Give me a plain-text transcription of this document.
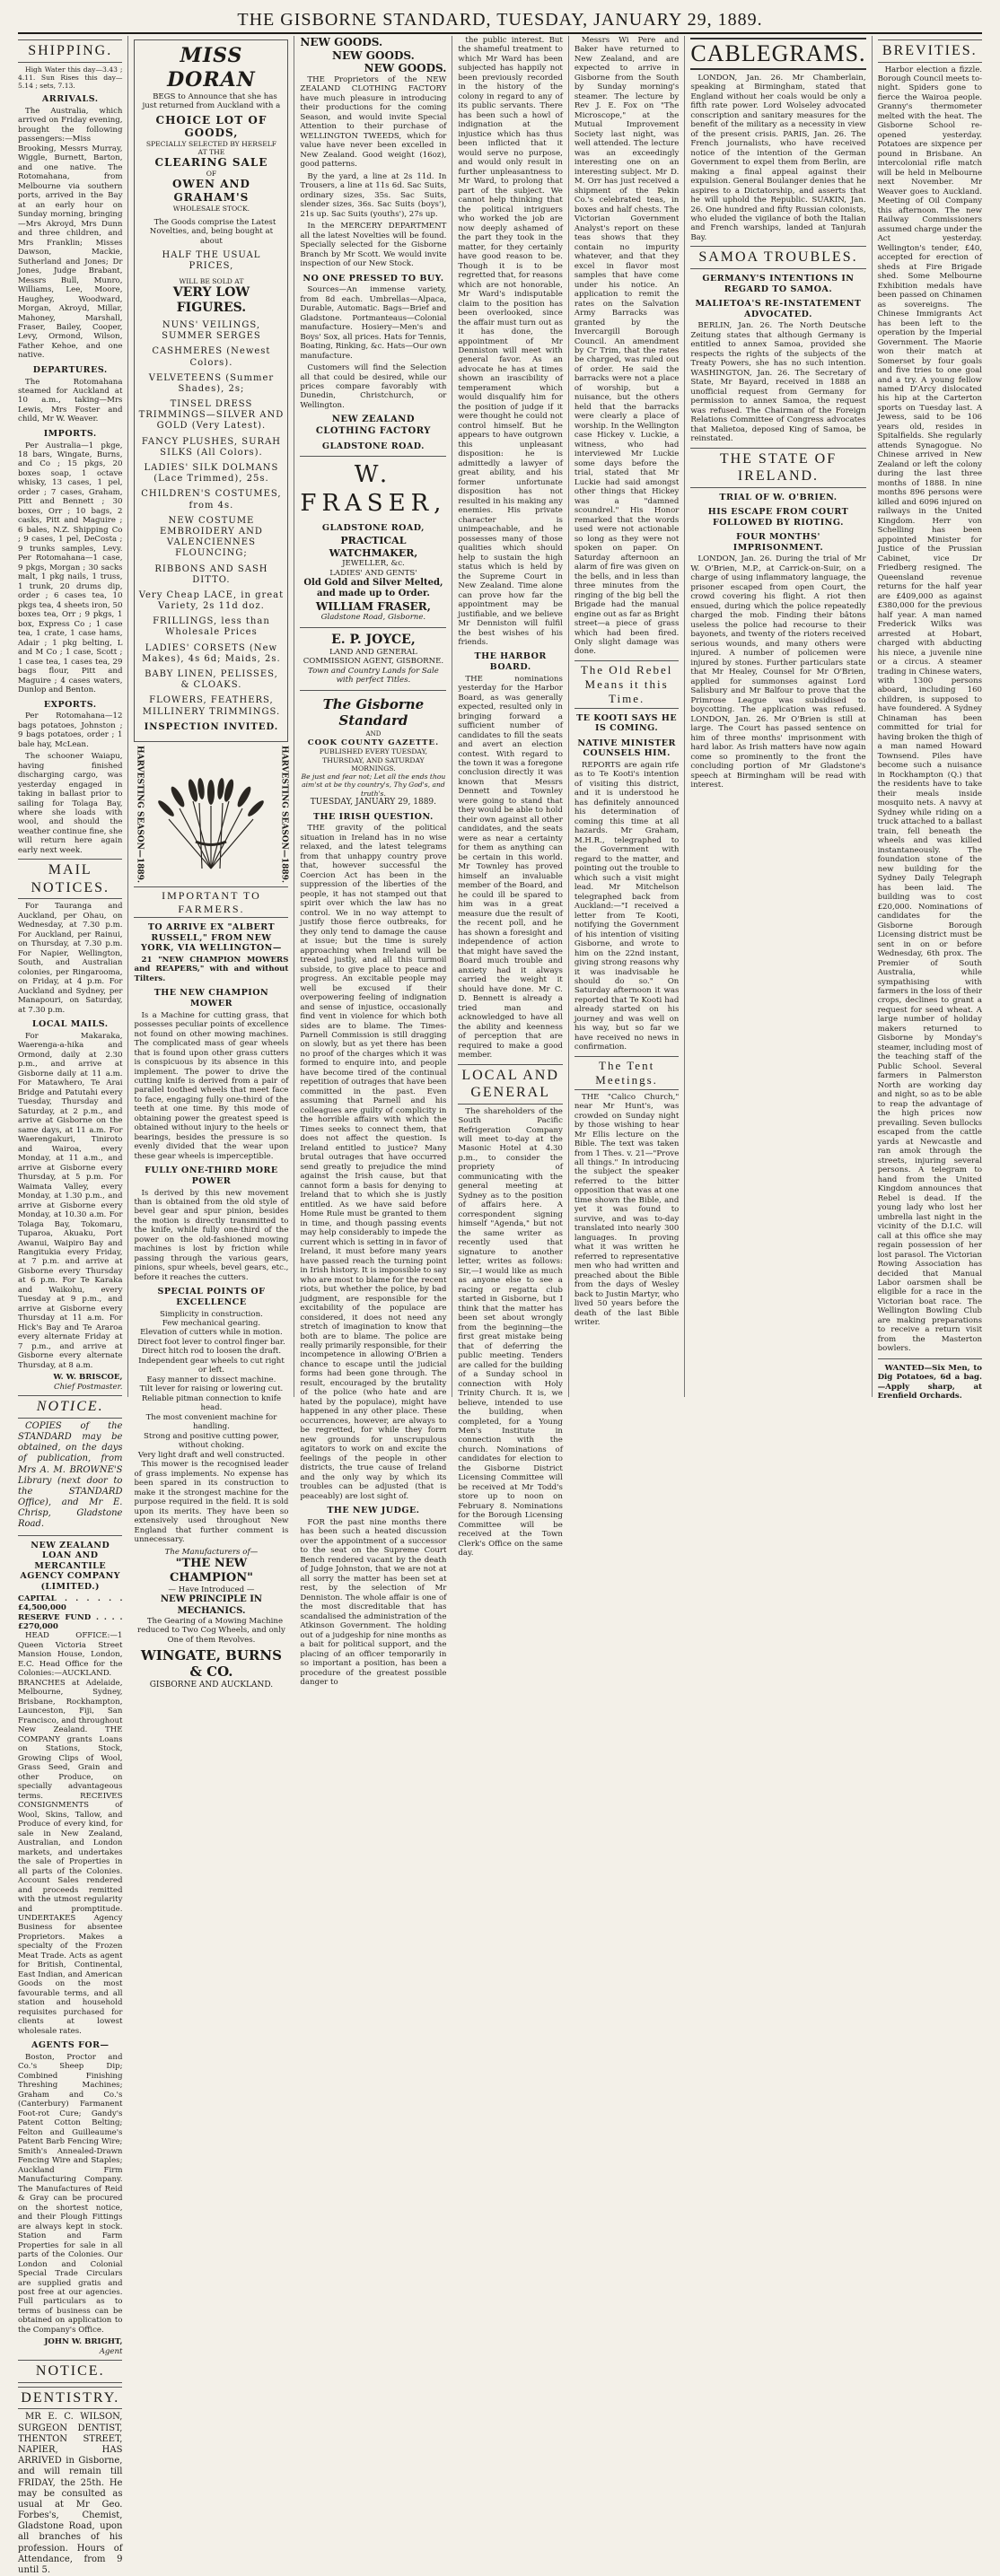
THE GISBORNE STANDARD, TUESDAY, JANUARY 29, 1889.
SHIPPING.
High Water this day—3.43 ; 4.11. Sun Rises this day—5.14 ; sets, 7.13.
ARRIVALS.
The Australia, which arrived on Friday evening, brought the following passengers:—Miss Brooking, Messrs Murray, Wiggle, Burnett, Barton, and one native. The Rotomahana, from Melbourne via southern ports, arrived in the Bay at an early hour on Sunday morning, bringing—Mrs Akroyd, Mrs Dunn and three children, and Mrs Franklin; Misses Dawson, Mackie, Sutherland and Jones; Dr Jones, Judge Brabant, Messrs Bull, Munro, Williams, Lee, Moore, Haughey, Woodward, Morgan, Akroyd, Millar, Mahoney, Marshall, Fraser, Bailey, Cooper, Levy, Ormond, Wilson, Father Kehoe, and one native.
DEPARTURES.
The Rotomahana steamed for Auckland at 10 a.m., taking—Mrs Lewis, Mrs Foster and child, Mr W. Weaver.
IMPORTS.
Per Australia—1 pkge, 18 bars, Wingate, Burns, and Co ; 15 pkgs, 20 boxes soap, 1 octave whisky, 13 cases, 1 pel, order ; 7 cases, Graham, Pitt and Bennett ; 30 boxes, Orr ; 10 bags, 2 casks, Pitt and Maguire ; 6 bales, N.Z. Shipping Co ; 9 cases, 1 pel, DeCosta ; 9 trunks samples, Levy. Per Rotomahana—1 case, 9 pkgs, Morgan ; 30 sacks malt, 1 pkg nails, 1 truss, 1 trunk, 20 drums dip, order ; 6 cases tea, 10 pkgs tea, 4 sheets iron, 50 boxes tea, Orr ; 9 pkgs, 1 box, Express Co ; 1 case tea, 1 crate, 1 case hams, Adair ; 1 pkg belting, L and M Co ; 1 case, Scott ; 1 case tea, 1 cases tea, 29 bags flour, Pitt and Maguire ; 4 cases waters, Dunlop and Benton.
EXPORTS.
Per Rotomahana—12 bags potatoes, Johnston ; 9 bags potatoes, order ; 1 bale hay, McLean.
The schooner Waiapu, having finished discharging cargo, was yesterday engaged in taking in ballast prior to sailing for Tolaga Bay, where she loads with wool, and should the weather continue fine, she will return here again early next week.
MAIL NOTICES.
For Tauranga and Auckland, per Ohau, on Wednesday, at 7.30 p.m. For Auckland, per Rainui, on Thursday, at 7.30 p.m. For Napier, Wellington, South, and Australian colonies, per Ringarooma, on Friday, at 4 p.m. For Auckland and Sydney, per Manapouri, on Saturday, at 7.30 p.m.
LOCAL MAILS.
For Makaraka, Waerenga-a-hika and Ormond, daily at 2.30 p.m., and arrive at Gisborne daily at 11 a.m. For Matawhero, Te Arai Bridge and Patutahi every Tuesday, Thursday and Saturday, at 2 p.m., and arrive at Gisborne on the same days, at 11 a.m. For Waerengakuri, Tiniroto and Wairoa, every Monday, at 11 a.m., and arrive at Gisborne every Thursday, at 5 p.m. For Waimata Valley, every Monday, at 1.30 p.m., and arrive at Gisborne every Monday, at 10.30 a.m. For Tolaga Bay, Tokomaru, Tuparoa, Akuaku, Port Awanui, Waipiro Bay and Rangitukia every Friday, at 7 p.m. and arrive at Gisborne every Thursday at 6 p.m. For Te Karaka and Waikohu, every Tuesday at 9 p.m., and arrive at Gisborne every Thursday at 11 a.m. For Hick's Bay and Te Araroa every alternate Friday at 7 p.m., and arrive at Gisborne every alternate Thursday, at 8 a.m.
W. W. BRISCOE,
Chief Postmaster.
NOTICE.
COPIES of the STANDARD may be obtained, on the days of publication, from Mrs A. M. BROWNE'S Library (next door to the STANDARD Office), and Mr E. Chrisp, Gladstone Road.
NEW ZEALAND LOAN AND MERCANTILE AGENCY COMPANY (LIMITED.)
CAPITAL . . . . . . £4,500,000
RESERVE FUND . . . . £270,000
HEAD OFFICE:—1 Queen Victoria Street Mansion House, London, E.C. Head Office for the Colonies:—AUCKLAND. BRANCHES at Adelaide, Melbourne, Sydney, Brisbane, Rockhampton, Launceston, Fiji, San Francisco, and throughout New Zealand. THE COMPANY grants Loans on Stations, Stock, Growing Clips of Wool, Grass Seed, Grain and other Produce, on specially advantageous terms. RECEIVES CONSIGNMENTS of Wool, Skins, Tallow, and Produce of every kind, for sale in New Zealand, Australian, and London markets, and undertakes the sale of Properties in all parts of the Colonies. Account Sales rendered and proceeds remitted with the utmost regularity and promptitude. UNDERTAKES Agency Business for absentee Proprietors. Makes a specialty of the Frozen Meat Trade. Acts as agent for British, Continental, East Indian, and American Goods on the most favourable terms, and all station and household requisites purchased for clients at lowest wholesale rates.
AGENTS FOR—
Boston, Proctor and Co.'s Sheep Dip; Combined Finishing Threshing Machines; Graham and Co.'s (Canterbury) Farmanent Foot-rot Cure; Gandy's Patent Cotton Belting; Felton and Guilleaume's Patent Barb Fencing Wire; Smith's Annealed-Drawn Fencing Wire and Staples; Auckland Firm Manufacturing Company. The Manufactures of Reid & Gray can be procured on the shortest notice, and their Plough Fittings are always kept in stock. Station and Farm Properties for sale in all parts of the Colonies. Our London and Colonial Special Trade Circulars are supplied gratis and post free at our agencies. Full particulars as to terms of business can be obtained on application to the Company's Office.
JOHN W. BRIGHT,
Agent
NOTICE.
DENTISTRY.
MR E. C. WILSON, SURGEON DENTIST, THENTON STREET, NAPIER, HAS ARRIVED in Gisborne, and will remain till FRIDAY, the 25th. He may be consulted as usual at Mr Geo. Forbes's, Chemist, Gladstone Road, upon all branches of his profession. Hours of Attendance, from 9 until 5.
MISS DORAN
BEGS to Announce that she has just returned from Auckland with a
CHOICE LOT OF GOODS,
SPECIALLY SELECTED BY HERSELF
AT THE
CLEARING SALE
OF
OWEN AND GRAHAM'S
WHOLESALE STOCK.
The Goods comprise the Latest Novelties, and, being bought at about
HALF THE USUAL PRICES,
WILL BE SOLD AT
VERY LOW FIGURES.
NUNS' VEILINGS, SUMMER SERGES
CASHMERES (Newest Colors).
VELVETEENS (Summer Shades), 2s;
TINSEL DRESS TRIMMINGS—SILVER AND GOLD (Very Latest).
FANCY PLUSHES, SURAH SILKS (All Colors).
LADIES' SILK DOLMANS (Lace Trimmed), 25s.
CHILDREN'S COSTUMES, from 4s.
NEW COSTUME EMBROIDERY AND VALENCIENNES FLOUNCING;
RIBBONS AND SASH DITTO.
Very Cheap LACE, in great Variety, 2s 11d doz.
FRILLINGS, less than Wholesale Prices
LADIES' CORSETS (New Makes), 4s 6d; Maids, 2s.
BABY LINEN, PELISSES, & CLOAKS.
FLOWERS, FEATHERS, MILLINERY TRIMMINGS.
INSPECTION INVITED.
HARVESTING SEASON—1889.	HARVESTING SEASON—1889.
IMPORTANT TO FARMERS.
TO ARRIVE EX "ALBERT RUSSELL," FROM NEW YORK, VIA WELLINGTON—
21 "NEW CHAMPION MOWERS and REAPERS," with and without Tilters.
THE NEW CHAMPION MOWER
Is a Machine for cutting grass, that possesses peculiar points of excellence not found on other mowing machines. The complicated mass of gear wheels that is found upon other grass cutters is conspicuous by its absence in this implement. The power to drive the cutting knife is derived from a pair of parallel toothed wheels that meet face to face, engaging fully one-third of the teeth at one time. By this mode of obtaining power the greatest speed is obtained without injury to the heels or bearings, besides the pressure is so evenly divided that the wear upon these gear wheels is imperceptible.
FULLY ONE-THIRD MORE POWER
Is derived by this new movement than is obtained from the old style of bevel gear and spur pinion, besides the motion is directly transmitted to the knife, while fully one-third of the power on the old-fashioned mowing machines is lost by friction while passing through the various gears, pinions, spur wheels, bevel gears, etc., before it reaches the cutters.
SPECIAL POINTS OF EXCELLENCE
Simplicity in construction.
Few mechanical gearing.
Elevation of cutters while in motion.
Direct foot lever to control finger bar.
Direct hitch rod to loosen the draft.
Independent gear wheels to cut right or left.
Easy manner to dissect machine.
Tilt lever for raising or lowering cut.
Reliable pitman connection to knife head.
The most convenient machine for handling.
Strong and positive cutting power, without choking.
Very light draft and well constructed.
This mower is the recognised leader of grass implements. No expense has been spared in its construction to make it the strongest machine for the purpose required in the field. It is sold upon its merits. They have been so extensively used throughout New England that further comment is unnecessary.
The Manufacturers of—
"THE NEW CHAMPION"
— Have Introduced —
NEW PRINCIPLE IN MECHANICS.
The Gearing of a Mowing Machine reduced to Two Cog Wheels, and only One of them Revolves.
WINGATE, BURNS & CO.
GISBORNE AND AUCKLAND.
NEW GOODS.
NEW GOODS.
NEW GOODS.
THE Proprietors of the NEW ZEALAND CLOTHING FACTORY have much pleasure in introducing their productions for the coming Season, and would invite Special Attention to their purchase of WELLINGTON TWEEDS, which for value have never been excelled in New Zealand. Good weight (16oz), good patterns.
By the yard, a line at 2s 11d. In Trousers, a line at 11s 6d. Sac Suits, ordinary sizes, 35s. Sac Suits, slender sizes, 36s. Sac Suits (boys'), 21s up. Sac Suits (youths'), 27s up.
In the MERCERY DEPARTMENT all the latest Novelties will be found. Specially selected for the Gisborne Branch by Mr Scott. We would invite inspection of our New Stock.
NO ONE PRESSED TO BUY.
Sources—An immense variety, from 8d each. Umbrellas—Alpaca, Durable, Automatic. Bags—Brief and Gladstone. Portmanteaus—Colonial manufacture. Hosiery—Men's and Boys' Sox, all prices. Hats for Tennis, Boating, Rinking, &c. Hats—Our own manufacture.
Customers will find the Selection all that could be desired, while our prices compare favorably with Dunedin, Christchurch, or Wellington.
NEW ZEALAND CLOTHING FACTORY
GLADSTONE ROAD.
W. FRASER,
GLADSTONE ROAD,
PRACTICAL WATCHMAKER,
JEWELLER, &c.
LADIES' AND GENTS'
Old Gold and Silver Melted, and made up to Order.
WILLIAM FRASER,
Gladstone Road, Gisborne.
E. P. JOYCE,
LAND AND GENERAL COMMISSION AGENT, GISBORNE.
Town and Country Lands for Sale with perfect Titles.
The Gisborne Standard
AND
COOK COUNTY GAZETTE.
PUBLISHED EVERY TUESDAY, THURSDAY, AND SATURDAY MORNINGS.
Be just and fear not; Let all the ends thou aim'st at be thy country's, Thy God's, and truth's.
TUESDAY, JANUARY 29, 1889.
THE IRISH QUESTION.
THE gravity of the political situation in Ireland has in no wise relaxed, and the latest telegrams from that unhappy country prove that, however successful the Coercion Act has been in the suppression of the liberties of the people, it has not stamped out that spirit over which the law has no control. We in no way attempt to justify those fierce outbreaks, for they only tend to damage the cause at issue; but the time is surely approaching when Ireland will be treated justly, and all this turmoil subside, to give place to peace and progress. An excitable people may well be excused if their overpowering feeling of indignation and sense of injustice, occasionally find vent in violence for which both sides are to blame. The Times-Parnell Commission is still dragging on slowly, but as yet there has been no proof of the charges which it was formed to enquire into, and people have become tired of the continual repetition of outrages that have been committed in the past. Even assuming that Parnell and his colleagues are guilty of complicity in the horrible affairs with which the Times seeks to connect them, that does not affect the question. Is Ireland entitled to justice? Many brutal outrages that have occurred send greatly to prejudice the mind against the Irish cause, but that cannot form a basis for denying to Ireland that to which she is justly entitled. As we have said before Home Rule must be granted to them in time, and though passing events may help considerably to impede the current which is setting in in favor of Ireland, it must before many years have passed reach the turning point in Irish history. It is impossible to say who are most to blame for the recent riots, but whether the police, by bad judgment, are responsible for the excitability of the populace are considered, it does not need any stretch of imagination to know that both are to blame. The police are really primarily responsible, for their incompetence in allowing O'Brien a chance to escape until the judicial forms had been gone through. The result, encouraged by the brutality of the police (who hate and are hated by the populace), might have happened in any other place. These occurrences, however, are always to be regretted, for while they form new grounds for unscrupulous agitators to work on and excite the feelings of the people in other districts, the true cause of Ireland and the only way by which its troubles can be adjusted (that is peaceably) are lost sight of.
THE NEW JUDGE.
FOR the past nine months there has been such a heated discussion over the appointment of a successor to the seat on the Supreme Court Bench rendered vacant by the death of Judge Johnston, that we are not at all sorry the matter has been set at rest, by the selection of Mr Denniston. The whole affair is one of the most discreditable that has scandalised the administration of the Atkinson Government. The holding out of a judgeship for nine months as a bait for political support, and the placing of an officer temporarily in so important a position, has been a procedure of the greatest possible danger to
the public interest. But the shameful treatment to which Mr Ward has been subjected has happily not been previously recorded in the history of the colony in regard to any of its public servants. There has been such a howl of indignation at the injustice which has thus been inflicted that it would serve no purpose, and would only result in further unpleasantness to Mr Ward, to prolong that part of the subject. We cannot help thinking that the political intriguers who worked the job are now deeply ashamed of the part they took in the matter, for they certainly have good reason to be. Though it is to be regretted that, for reasons which are not honorable, Mr Ward's indisputable claim to the position has been overlooked, since the affair must turn out as it has done, the appointment of Mr Denniston will meet with general favor. As an advocate he has at times shown an irascibility of temperament which would disqualify him for the position of judge if it were thought he could not control himself. But he appears to have outgrown this unpleasant disposition: he is admittedly a lawyer of great ability, and his former unfortunate disposition has not resulted in his making any enemies. His private character is unimpeachable, and he possesses many of those qualities which should help to sustain the high status which is held by the Supreme Court in New Zealand. Time alone can prove how far the appointment may be justifiable, and we believe Mr Denniston will fulfil the best wishes of his friends.
THE HARBOR BOARD.
THE nominations yesterday for the Harbor Board, as was generally expected, resulted only in bringing forward a sufficient number of candidates to fill the seats and avert an election contest. With regard to the town it was a foregone conclusion directly it was known that Messrs Dennett and Townley were going to stand that they would be able to hold their own against all other candidates, and the seats were as near a certainty for them as anything can be certain in this world. Mr Townley has proved himself an invaluable member of the Board, and he could ill be spared to him was in a great measure due the result of the recent poll, and he has shown a foresight and independence of action that might have saved the Board much trouble and anxiety had it always carried the weight it should have done. Mr C. D. Bennett is already a tried man and acknowledged to have all the ability and keenness of perception that are required to make a good member.
LOCAL AND GENERAL
The shareholders of the South Pacific Refrigeration Company will meet to-day at the Masonic Hotel at 4.30 p.m., to consider the propriety of communicating with the general meeting at Sydney as to the position of affairs here. A correspondent signing himself "Agenda," but not the same writer as recently used that signature to another letter, writes as follows: Sir,—I would like as much as anyone else to see a racing or regatta club started in Gisborne, but I think that the matter has been set about wrongly from the beginning—the first great mistake being that of deferring the public meeting. Tenders are called for the building of a Sunday school in connection with Holy Trinity Church. It is, we believe, intended to use the building, when completed, for a Young Men's Institute in connection with the church. Nominations of candidates for election to the Gisborne District Licensing Committee will be received at Mr Todd's store up to noon on February 8. Nominations for the Borough Licensing Committee will be received at the Town Clerk's Office on the same day.
Messrs Wi Pere and Baker have returned to New Zealand, and are expected to arrive in Gisborne from the South by Sunday morning's steamer. The lecture by Rev J. E. Fox on "The Microscope," at the Mutual Improvement Society last night, was well attended. The lecture was an exceedingly interesting one on an interesting subject. Mr D. M. Orr has just received a shipment of the Pekin Co.'s celebrated teas, in boxes and half chests. The Victorian Government Analyst's report on these teas shows that they contain no impurity whatever, and that they excel in flavor most samples that have come under his notice. An application to remit the rates on the Salvation Army Barracks was granted by the Invercargill Borough Council. An amendment by Cr Trim, that the rates be charged, was ruled out of order. He said the barracks were not a place of worship, but a nuisance, but the others held that the barracks were clearly a place of worship. In the Wellington case Hickey v. Luckie, a witness, who had interviewed Mr Luckie some days before the trial, stated that Mr Luckie had said amongst other things that Hickey was a "damned scoundrel." His Honor remarked that the words used were not actionable so long as they were not spoken on paper. On Saturday afternoon an alarm of fire was given on the bells, and in less than three minutes from the ringing of the big bell the Brigade had the manual engine out as far as Bright street—a piece of grass which had been fired. Only slight damage was done.
The Old Rebel Means it this Time.
TE KOOTI SAYS HE IS COMING.
NATIVE MINISTER COUNSELS HIM.
REPORTS are again rife as to Te Kooti's intention of visiting this district, and it is understood he has definitely announced his determination of coming this time at all hazards. Mr Graham, M.H.R., telegraphed to the Government with regard to the matter, and pointing out the trouble to which such a visit might lead. Mr Mitchelson telegraphed back from Auckland:—"I received a letter from Te Kooti, notifying the Government of his intention of visiting Gisborne, and wrote to him on the 22nd instant, giving strong reasons why it was inadvisable he should do so." On Saturday afternoon it was reported that Te Kooti had already started on his journey and was well on his way, but so far we have received no news in confirmation.
The Tent Meetings.
THE "Calico Church," near Mr Hunt's, was crowded on Sunday night by those wishing to hear Mr Ellis lecture on the Bible. The text was taken from 1 Thes. v. 21—"Prove all things." In introducing the subject the speaker referred to the bitter opposition that was at one time shown the Bible, and yet it was found to survive, and was to-day translated into nearly 300 languages. In proving what it was written he referred to representative men who had written and preached about the Bible from the days of Wesley back to Justin Martyr, who lived 50 years before the death of the last Bible writer.
CABLEGRAMS.
LONDON, Jan. 26. Mr Chamberlain, speaking at Birmingham, stated that England without her coals would be only a fifth rate power. Lord Wolseley advocated conscription and sanitary measures for the benefit of the military as a necessity in view of the present crisis. PARIS, Jan. 26. The French journalists, who have received notice of the intention of the German Government to expel them from Berlin, are making a final appeal against their expulsion. General Boulanger denies that he aspires to a Dictatorship, and asserts that he will uphold the Republic. SUAKIN, Jan. 26. One hundred and fifty Russian colonists, who eluded the vigilance of both the Italian and French warships, landed at Tanjurah Bay.
SAMOA TROUBLES.
GERMANY'S INTENTIONS IN REGARD TO SAMOA.
MALIETOA'S RE-INSTATEMENT ADVOCATED.
BERLIN, Jan. 26. The North Deutsche Zeitung states that although Germany is entitled to annex Samoa, provided she respects the rights of the subjects of the Treaty Powers, she has no such intention. WASHINGTON, Jan. 26. The Secretary of State, Mr Bayard, received in 1888 an unofficial request from Germany for permission to annex Samoa, the request was refused. The Chairman of the Foreign Relations Committee of Congress advocates that Malietoa, deposed King of Samoa, be reinstated.
THE STATE OF IRELAND.
TRIAL OF W. O'BRIEN.
HIS ESCAPE FROM COURT FOLLOWED BY RIOTING.
FOUR MONTHS' IMPRISONMENT.
LONDON, Jan. 26. During the trial of Mr W. O'Brien, M.P., at Carrick-on-Suir, on a charge of using inflammatory language, the prisoner escaped from open Court, the crowd covering his flight. A riot then ensued, during which the police repeatedly charged the mob. Finding their bâtons useless the police had recourse to their bayonets, and twenty of the rioters received serious wounds, and many others were injured. A number of policemen were injured by stones. Further particulars state that Mr Healey, Counsel for Mr O'Brien, applied for summonses against Lord Salisbury and Mr Balfour to prove that the Primrose League was subsidised to boycotting. The application was refused. LONDON, Jan. 26. Mr O'Brien is still at large. The Court has passed sentence on him of three months' imprisonment with hard labor. As Irish matters have now again come so prominently to the front the concluding portion of Mr Gladstone's speech at Birmingham will be read with interest.
BREVITIES.
Harbor election a fizzle. Borough Council meets to-night. Spiders gone to fierce the Wairoa people. Granny's thermometer melted with the heat. The Gisborne School re-opened yesterday. Potatoes are sixpence per pound in Brisbane. An intercolonial rifle match will be held in Melbourne next November. Mr Weaver goes to Auckland. Meeting of Oil Company this afternoon. The new Railway Commissioners assumed charge under the Act yesterday. Wellington's tender, £40, accepted for erection of sheds at Fire Brigade shed. Some Melbourne Exhibition medals have been passed on Chinamen as sovereigns. The Chinese Immigrants Act has been left to the operation by the Imperial Government. The Maorie won their match at Somerset by four goals and five tries to one goal and a try. A young fellow named D'Arcy dislocated his hip at the Carterton sports on Tuesday last. A Jewess, said to be 106 years old, resides in Spitalfields. She regularly attends Synagogue. No Chinese arrived in New Zealand or left the colony during the last three months of 1888. In nine months 896 persons were killed and 6096 injured on railways in the United Kingdom. Herr von Schelling has been appointed Minister for Justice of the Prussian Cabinet, vice Dr Friedberg resigned. The Queensland revenue returns for the half year are £409,000 as against £380,000 for the previous half year. A man named Frederick Wilks was arrested at Hobart, charged with abducting his niece, a juvenile nine or a circus. A steamer trading in Chinese waters, with 1300 persons aboard, including 160 children, is supposed to have foundered. A Sydney Chinaman has been committed for trial for having broken the thigh of a man named Howard Townsend. Piles have become such a nuisance in Rockhampton (Q.) that the residents have to take their meals inside mosquito nets. A navvy at Sydney while riding on a truck attached to a ballast train, fell beneath the wheels and was killed instantaneously. The foundation stone of the new building for the Sydney Daily Telegraph has been laid. The building was to cost £20,000. Nominations of candidates for the Gisborne Borough Licensing district must be sent in on or before Wednesday, 6th prox. The Premier of South Australia, while sympathising with farmers in the loss of their crops, declines to grant a request for seed wheat. A large number of holiday makers returned to Gisborne by Monday's steamer, including most of the teaching staff of the Public School. Several farmers in Palmerston North are working day and night, so as to be able to reap the advantage of the high prices now prevailing. Seven bullocks escaped from the cattle yards at Newcastle and ran amok through the streets, injuring several persons. A telegram to hand from the United Kingdom announces that Rebel is dead. If the young lady who lost her umbrella last night in the vicinity of the D.I.C. will call at this office she may regain possession of her lost parasol. The Victorian Rowing Association has decided that Manual Labor oarsmen shall be eligible for a race in the Victorian boat race. The Wellington Bowling Club are making preparations to receive a return visit from the Masterton bowlers.
WANTED—Six Men, to Dig Potatoes, 6d a bag.—Apply sharp, at Erenfield Orchards.
